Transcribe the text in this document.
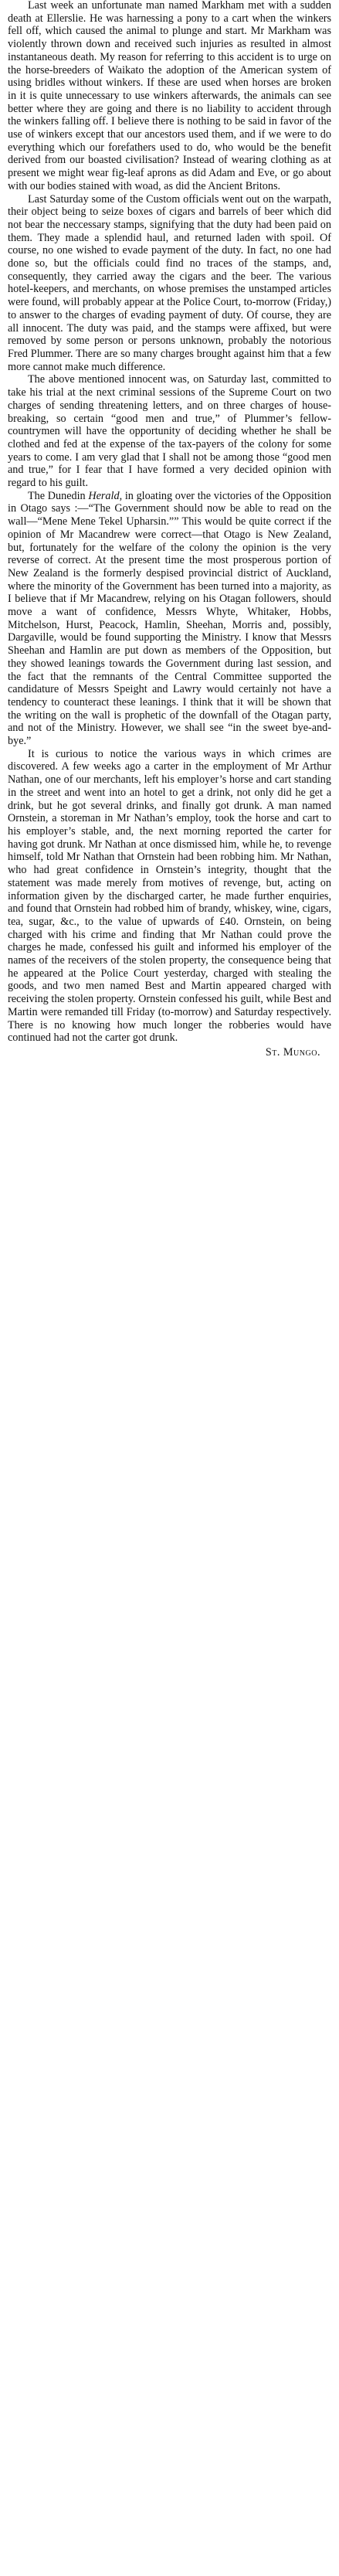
Last week an unfortunate man named Markham met with a sudden death at Ellerslie. He was harnessing a pony to a cart when the winkers fell off, which caused the animal to plunge and start. Mr Markham was violently thrown down and received such injuries as resulted in almost instantaneous death. My reason for referring to this accident is to urge on the horse-breeders of Waikato the adoption of the American system of using bridles without winkers. If these are used when horses are broken in it is quite unnecessary to use winkers afterwards, the animals can see better where they are going and there is no liability to accident through the winkers falling off. I believe there is nothing to be said in favor of the use of winkers except that our ancestors used them, and if we were to do everything which our forefathers used to do, who would be the benefit derived from our boasted civilisation? Instead of wearing clothing as at present we might wear fig-leaf aprons as did Adam and Eve, or go about with our bodies stained with woad, as did the Ancient Britons.

Last Saturday some of the Custom officials went out on the warpath, their object being to seize boxes of cigars and barrels of beer which did not bear the neccessary stamps, signifying that the duty had been paid on them. They made a splendid haul, and returned laden with spoil. Of course, no one wished to evade payment of the duty. In fact, no one had done so, but the officials could find no traces of the stamps, and, consequently, they carried away the cigars and the beer. The various hotel-keepers, and merchants, on whose premises the unstamped articles were found, will probably appear at the Police Court, to-morrow (Friday,) to answer to the charges of evading payment of duty. Of course, they are all innocent. The duty was paid, and the stamps were affixed, but were removed by some person or persons unknown, probably the notorious Fred Plummer. There are so many charges brought against him that a few more cannot make much difference.

The above mentioned innocent was, on Saturday last, committed to take his trial at the next criminal sessions of the Supreme Court on two charges of sending threatening letters, and on three charges of house-breaking, so certain “good men and true,” of Plummer’s fellow-countrymen will have the opportunity of deciding whether he shall be clothed and fed at the expense of the tax-payers of the colony for some years to come. I am very glad that I shall not be among those “good men and true,” for I fear that I have formed a very decided opinion with regard to his guilt.

The Dunedin Herald, in gloating over the victories of the Opposition in Otago says :—“The Government should now be able to read on the wall—“Mene Mene Tekel Upharsin.”” This would be quite correct if the opinion of Mr Macandrew were correct—that Otago is New Zealand, but, fortunately for the welfare of the colony the opinion is the very reverse of correct. At the present time the most prosperous portion of New Zealand is the formerly despised provincial district of Auckland, where the minority of the Government has been turned into a majority, as I believe that if Mr Macandrew, relying on his Otagan followers, should move a want of confidence, Messrs Whyte, Whitaker, Hobbs, Mitchelson, Hurst, Peacock, Hamlin, Sheehan, Morris and, possibly, Dargaville, would be found supporting the Ministry. I know that Messrs Sheehan and Hamlin are put down as members of the Opposition, but they showed leanings towards the Government during last session, and the fact that the remnants of the Central Committee supported the candidature of Messrs Speight and Lawry would certainly not have a tendency to counteract these leanings. I think that it will be shown that the writing on the wall is prophetic of the downfall of the Otagan party, and not of the Ministry. However, we shall see “in the sweet bye-and-bye.”

It is curious to notice the various ways in which crimes are discovered. A few weeks ago a carter in the employment of Mr Arthur Nathan, one of our merchants, left his employer’s horse and cart standing in the street and went into an hotel to get a drink, not only did he get a drink, but he got several drinks, and finally got drunk. A man named Ornstein, a storeman in Mr Nathan’s employ, took the horse and cart to his employer’s stable, and, the next morning reported the carter for having got drunk. Mr Nathan at once dismissed him, while he, to revenge himself, told Mr Nathan that Ornstein had been robbing him. Mr Nathan, who had great confidence in Ornstein’s integrity, thought that the statement was made merely from motives of revenge, but, acting on information given by the discharged carter, he made further enquiries, and found that Ornstein had robbed him of brandy, whiskey, wine, cigars, tea, sugar, &c., to the value of upwards of £40. Ornstein, on being charged with his crime and finding that Mr Nathan could prove the charges he made, confessed his guilt and informed his employer of the names of the receivers of the stolen property, the consequence being that he appeared at the Police Court yesterday, charged with stealing the goods, and two men named Best and Martin appeared charged with receiving the stolen property. Ornstein confessed his guilt, while Best and Martin were remanded till Friday (to-morrow) and Saturday respectively. There is no knowing how much longer the robberies would have continued had not the carter got drunk.

St. Mungo.
